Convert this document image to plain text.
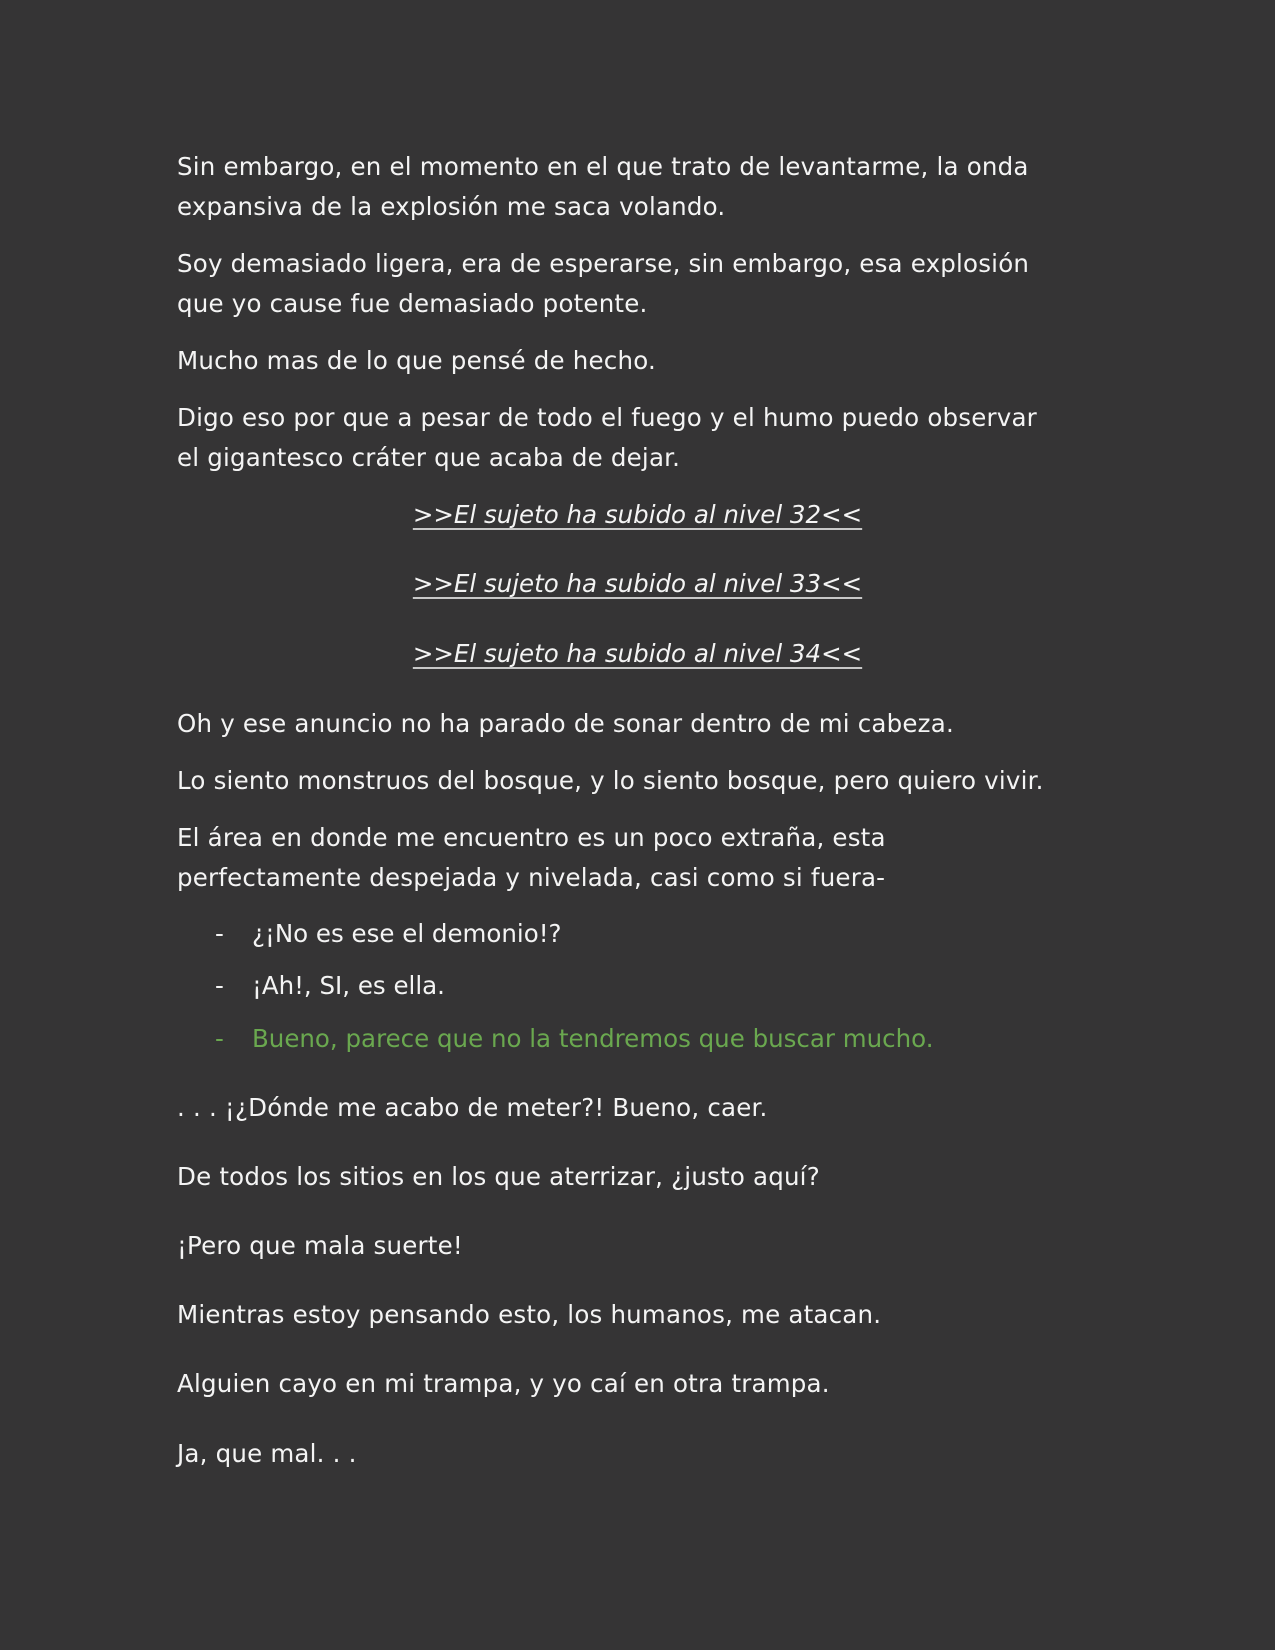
Sin embargo, en el momento en el que trato de levantarme, la onda

expansiva de la explosión me saca volando.

Soy demasiado ligera, era de esperarse, sin embargo, esa explosión

que yo cause fue demasiado potente.

Mucho mas de lo que pensé de hecho.

Digo eso por que a pesar de todo el fuego y el humo puedo observar

el gigantesco cráter que acaba de dejar.

>>El sujeto ha subido al nivel 32<<
>>El sujeto ha subido al nivel 33<<
>>El sujeto ha subido al nivel 34<<

Oh y ese anuncio no ha parado de sonar dentro de mi cabeza.

Lo siento monstruos del bosque, y lo siento bosque, pero quiero vivir.

El área en donde me encuentro es un poco extraña, esta

perfectamente despejada y nivelada, casi como si fuera-

- ¿¡No es ese el demonio!?
- ¡Ah!, SI, es ella.
- Bueno, parece que no la tendremos que buscar mucho.

. . . ¡¿Dónde me acabo de meter?! Bueno, caer.

De todos los sitios en los que aterrizar, ¿justo aquí?

¡Pero que mala suerte!

Mientras estoy pensando esto, los humanos, me atacan.

Alguien cayo en mi trampa, y yo caí en otra trampa.

Ja, que mal. . .
